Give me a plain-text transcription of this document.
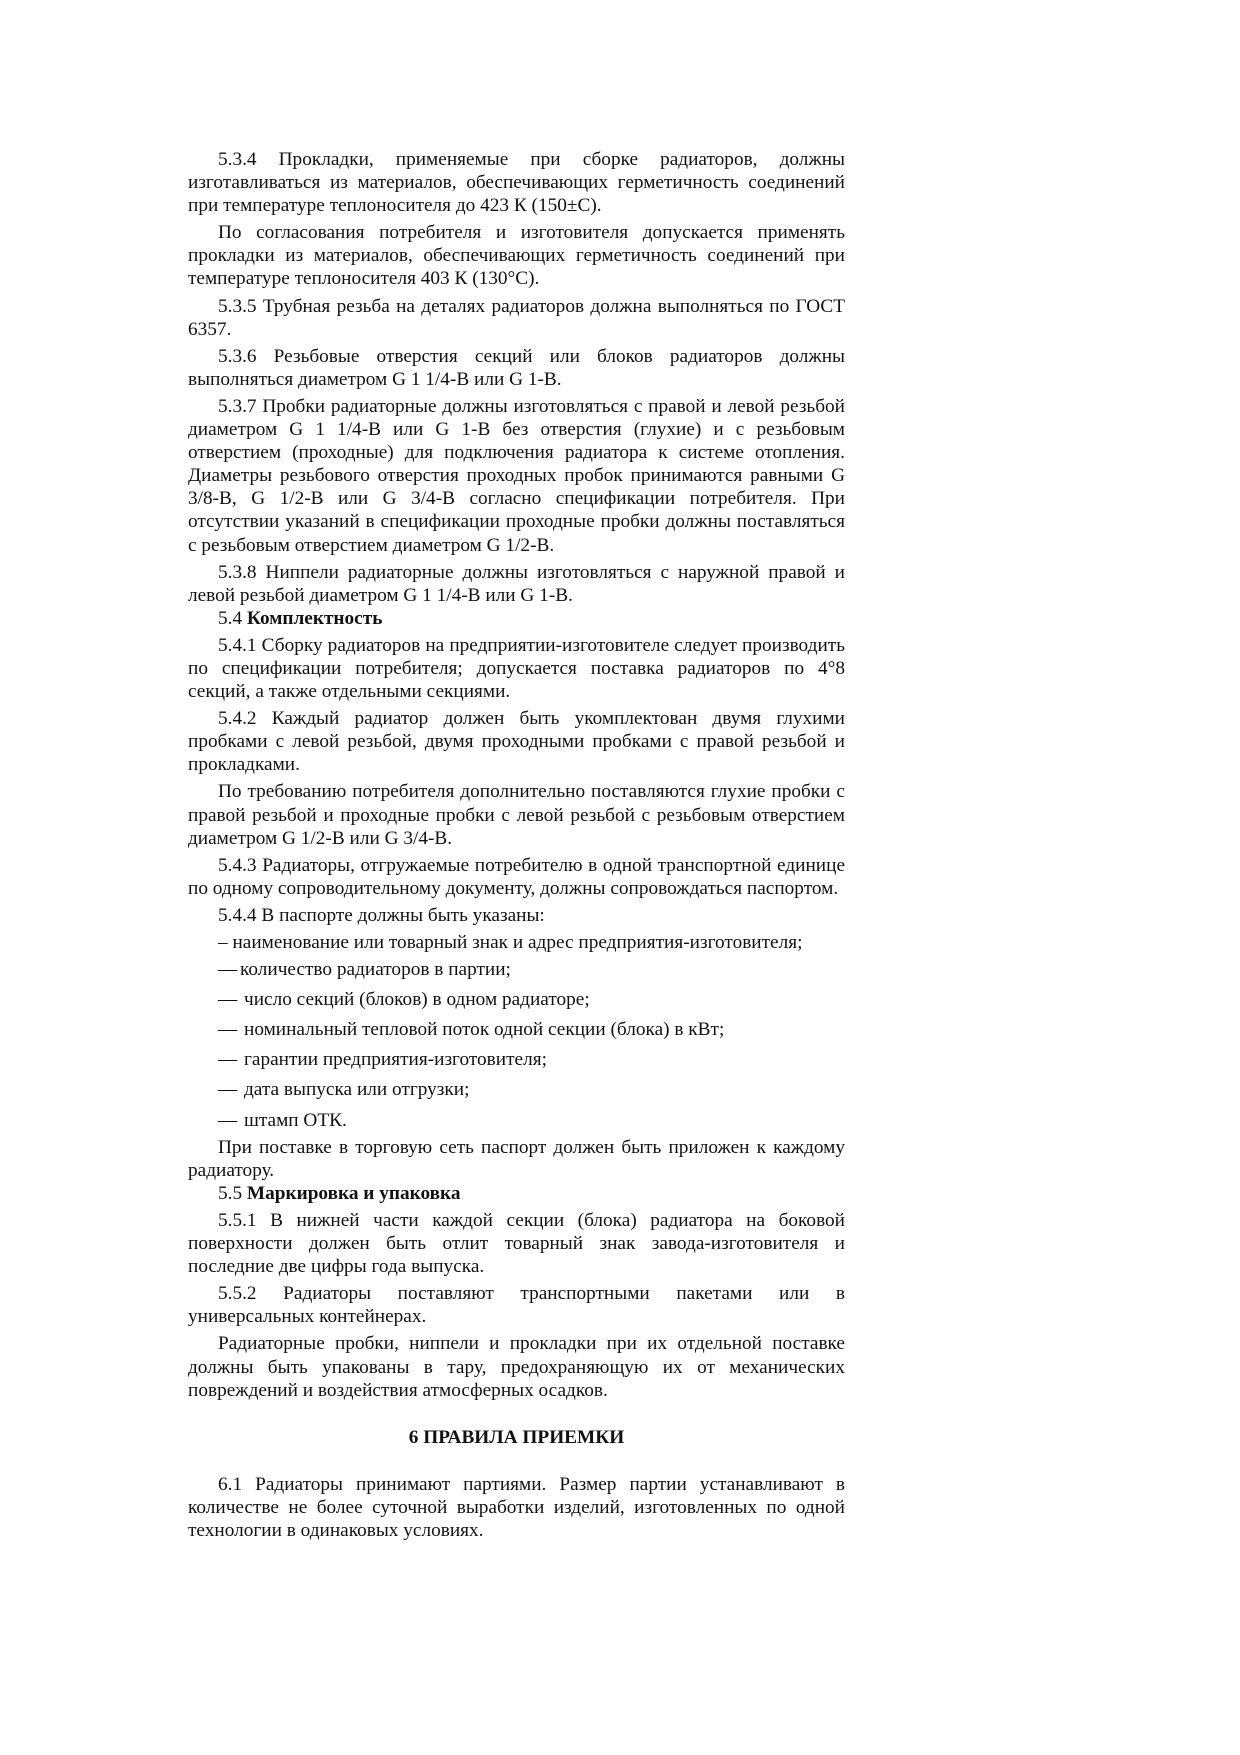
5.3.4 Прокладки, применяемые при сборке радиаторов, должны изготавливаться из материалов, обеспечивающих герметичность соединений при температуре теплоносителя до 423 К (150±С).

По согласования потребителя и изготовителя допускается применять прокладки из материалов, обеспечивающих герметичность соединений при температуре теплоносителя 403 К (130°С).

5.3.5 Трубная резьба на деталях радиаторов должна выполняться по ГОСТ 6357.

5.3.6 Резьбовые отверстия секций или блоков радиаторов должны выполняться диаметром G 1 1/4-В или G 1-В.

5.3.7 Пробки радиаторные должны изготовляться с правой и левой резьбой диаметром G 1 1/4-В или G 1-В без отверстия (глухие) и с резьбовым отверстием (проходные) для подключения радиатора к системе отопления. Диаметры резьбового отверстия проходных пробок принимаются равными G 3/8-В, G 1/2-В или G 3/4-В согласно спецификации потребителя. При отсутствии указаний в спецификации проходные пробки должны поставляться с резьбовым отверстием диаметром G 1/2-В.

5.3.8 Ниппели радиаторные должны изготовляться с наружной правой и левой резьбой диаметром G 1 1/4-В или G 1-В.

5.4 Комплектность

5.4.1 Сборку радиаторов на предприятии-изготовителе следует производить по спецификации потребителя; допускается поставка радиаторов по 4°8 секций, а также отдельными секциями.

5.4.2 Каждый радиатор должен быть укомплектован двумя глухими пробками с левой резьбой, двумя проходными пробками с правой резьбой и прокладками.

По требованию потребителя дополнительно поставляются глухие пробки с правой резьбой и проходные пробки с левой резьбой с резьбовым отверстием диаметром G 1/2-В или G 3/4-В.

5.4.3 Радиаторы, отгружаемые потребителю в одной транспортной единице по одному сопроводительному документу, должны сопровождаться паспортом.

5.4.4 В паспорте должны быть указаны:

– наименование или товарный знак и адрес предприятия-изготовителя;

— количество радиаторов в партии;

— число секций (блоков) в одном радиаторе;

— номинальный тепловой поток одной секции (блока) в кВт;

— гарантии предприятия-изготовителя;

— дата выпуска или отгрузки;

— штамп ОТК.

При поставке в торговую сеть паспорт должен быть приложен к каждому радиатору.

5.5 Маркировка и упаковка

5.5.1 В нижней части каждой секции (блока) радиатора на боковой поверхности должен быть отлит товарный знак завода-изготовителя и последние две цифры года выпуска.

5.5.2 Радиаторы поставляют транспортными пакетами или в универсальных контейнерах.

Радиаторные пробки, ниппели и прокладки при их отдельной поставке должны быть упакованы в тару, предохраняющую их от механических повреждений и воздействия атмосферных осадков.

6 ПРАВИЛА ПРИЕМКИ

6.1 Радиаторы принимают партиями. Размер партии устанавливают в количестве не более суточной выработки изделий, изготовленных по одной технологии в одинаковых условиях.
